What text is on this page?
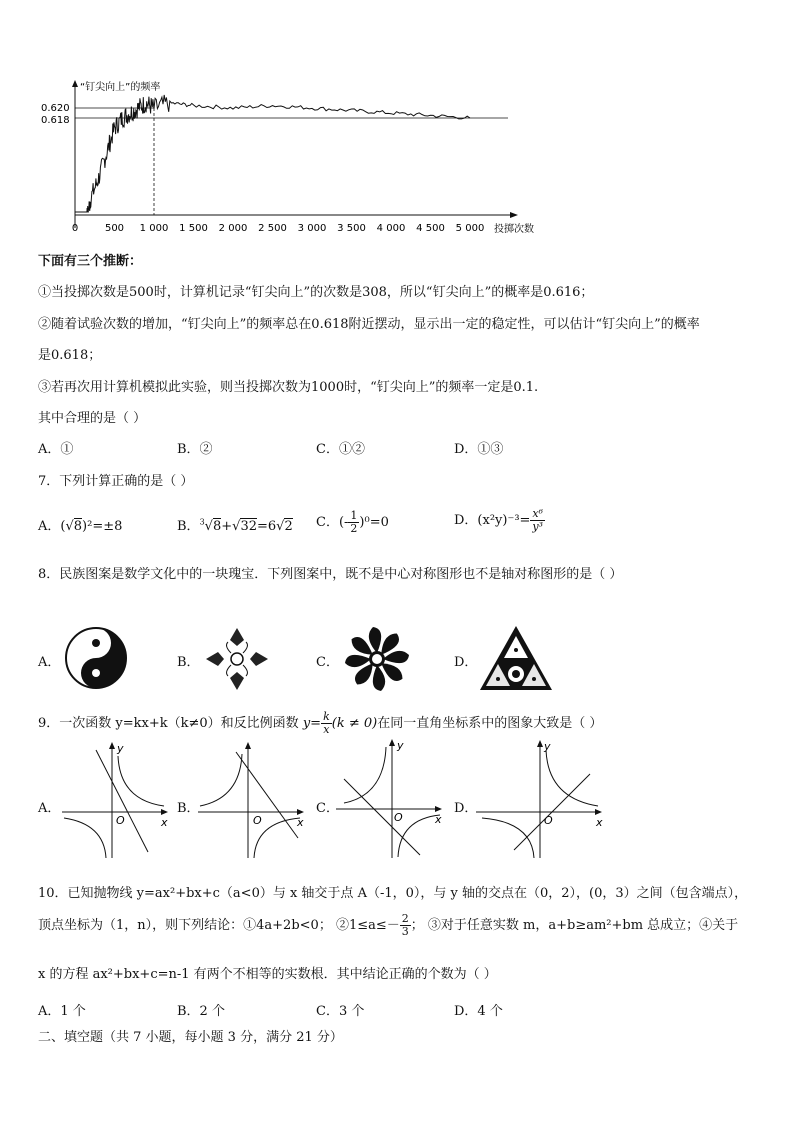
“钉尖向上”的频率
投掷次数
0.620
0.618
0	500 1 000 1 500 2 000 2 500 3 000 3 500 4 000 4 500 5 000
下面有三个推断：
①当投掷次数是500时，计算机记录“钉尖向上”的次数是308，所以“钉尖向上”的概率是0.616；
②随着试验次数的增加，“钉尖向上”的频率总在0.618附近摆动，显示出一定的稳定性，可以估计“钉尖向上”的概率
是0.618；
③若再次用计算机模拟此实验，则当投掷次数为1000时，“钉尖向上”的频率一定是0.1.
其中合理的是（ ）
A．①	B．②	C．①②	D．①③
7．下列计算正确的是（ ）
A．(√8)²=±8	B．$^3$√8+√32=6√2 C．(- $\frac{1}{2} )^0=0$	D．$(x^2y)^{-3}= \frac{\text{x⁶}}{\text{y³}}$
8．民族图案是数学文化中的一块瑰宝．下列图案中，既不是中心对称图形也不是轴对称图形的是（ ）
A．	B．	C．	D．
9．一次函数 y=kx+k（k≠0）和反比例函数 $y= \frac{k}{x} (k \ne 0)$在同一直角坐标系中的图象大致是（ ）
A．
y
x
O
B．
O	x
C．
y
x
O
D．
y
x
O
10．已知抛物线 y=ax²+bx+c（a<0）与 x 轴交于点 A（-1，0），与 y 轴的交点在（0，2），(0，3）之间（包含端点），
顶点坐标为（1，n），则下列结论：①4a+2b<0； ②1≤a≤－ $\frac{2}{3}$ ； ③对于任意实数 m，a+b≥am²+bm 总成立；④关于
x 的方程 ax²+bx+c=n-1 有两个不相等的实数根．其中结论正确的个数为（ ）
A．1 个	B．2 个	C．3 个	D．4 个
二、填空题（共 7 小题，每小题 3 分，满分 21 分）
